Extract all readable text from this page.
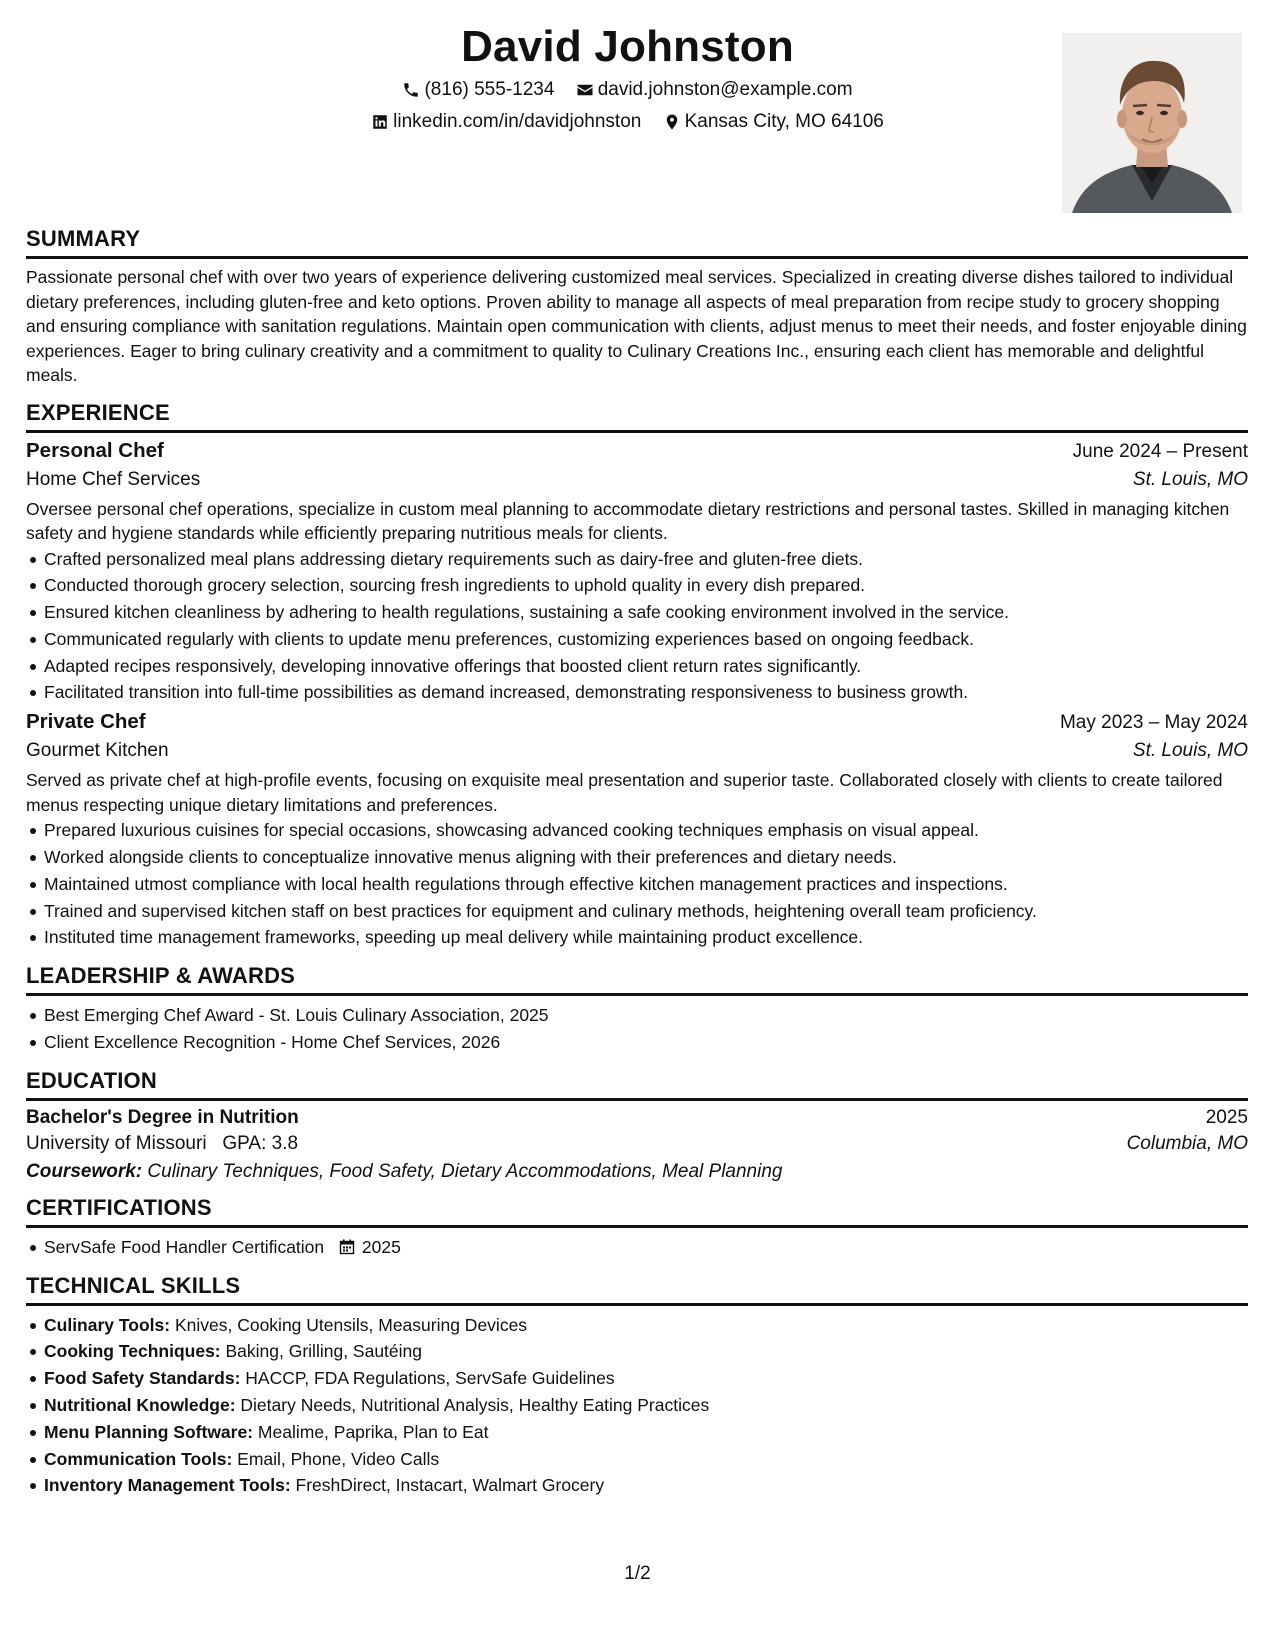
David Johnston
(816) 555-1234
david.johnston@example.com
linkedin.com/in/davidjohnston
Kansas City, MO 64106
SUMMARY
Passionate personal chef with over two years of experience delivering customized meal services. Specialized in creating diverse dishes tailored to individual dietary preferences, including gluten-free and keto options. Proven ability to manage all aspects of meal preparation from recipe study to grocery shopping and ensuring compliance with sanitation regulations. Maintain open communication with clients, adjust menus to meet their needs, and foster enjoyable dining experiences. Eager to bring culinary creativity and a commitment to quality to Culinary Creations Inc., ensuring each client has memorable and delightful meals.
EXPERIENCE
Personal Chef	June 2024 – Present
Home Chef Services	St. Louis, MO
Oversee personal chef operations, specialize in custom meal planning to accommodate dietary restrictions and personal tastes. Skilled in managing kitchen safety and hygiene standards while efficiently preparing nutritious meals for clients.
Crafted personalized meal plans addressing dietary requirements such as dairy-free and gluten-free diets.
Conducted thorough grocery selection, sourcing fresh ingredients to uphold quality in every dish prepared.
Ensured kitchen cleanliness by adhering to health regulations, sustaining a safe cooking environment involved in the service.
Communicated regularly with clients to update menu preferences, customizing experiences based on ongoing feedback.
Adapted recipes responsively, developing innovative offerings that boosted client return rates significantly.
Facilitated transition into full-time possibilities as demand increased, demonstrating responsiveness to business growth.
Private Chef	May 2023 – May 2024
Gourmet Kitchen	St. Louis, MO
Served as private chef at high-profile events, focusing on exquisite meal presentation and superior taste. Collaborated closely with clients to create tailored menus respecting unique dietary limitations and preferences.
Prepared luxurious cuisines for special occasions, showcasing advanced cooking techniques emphasis on visual appeal.
Worked alongside clients to conceptualize innovative menus aligning with their preferences and dietary needs.
Maintained utmost compliance with local health regulations through effective kitchen management practices and inspections.
Trained and supervised kitchen staff on best practices for equipment and culinary methods, heightening overall team proficiency.
Instituted time management frameworks, speeding up meal delivery while maintaining product excellence.
LEADERSHIP & AWARDS
Best Emerging Chef Award - St. Louis Culinary Association, 2025
Client Excellence Recognition - Home Chef Services, 2026
EDUCATION
Bachelor's Degree in Nutrition	2025
University of Missouri GPA: 3.8	Columbia, MO
Coursework: Culinary Techniques, Food Safety, Dietary Accommodations, Meal Planning
CERTIFICATIONS
ServSafe Food Handler Certification 2025
TECHNICAL SKILLS
Culinary Tools: Knives, Cooking Utensils, Measuring Devices
Cooking Techniques: Baking, Grilling, Sautéing
Food Safety Standards: HACCP, FDA Regulations, ServSafe Guidelines
Nutritional Knowledge: Dietary Needs, Nutritional Analysis, Healthy Eating Practices
Menu Planning Software: Mealime, Paprika, Plan to Eat
Communication Tools: Email, Phone, Video Calls
Inventory Management Tools: FreshDirect, Instacart, Walmart Grocery
1/2
